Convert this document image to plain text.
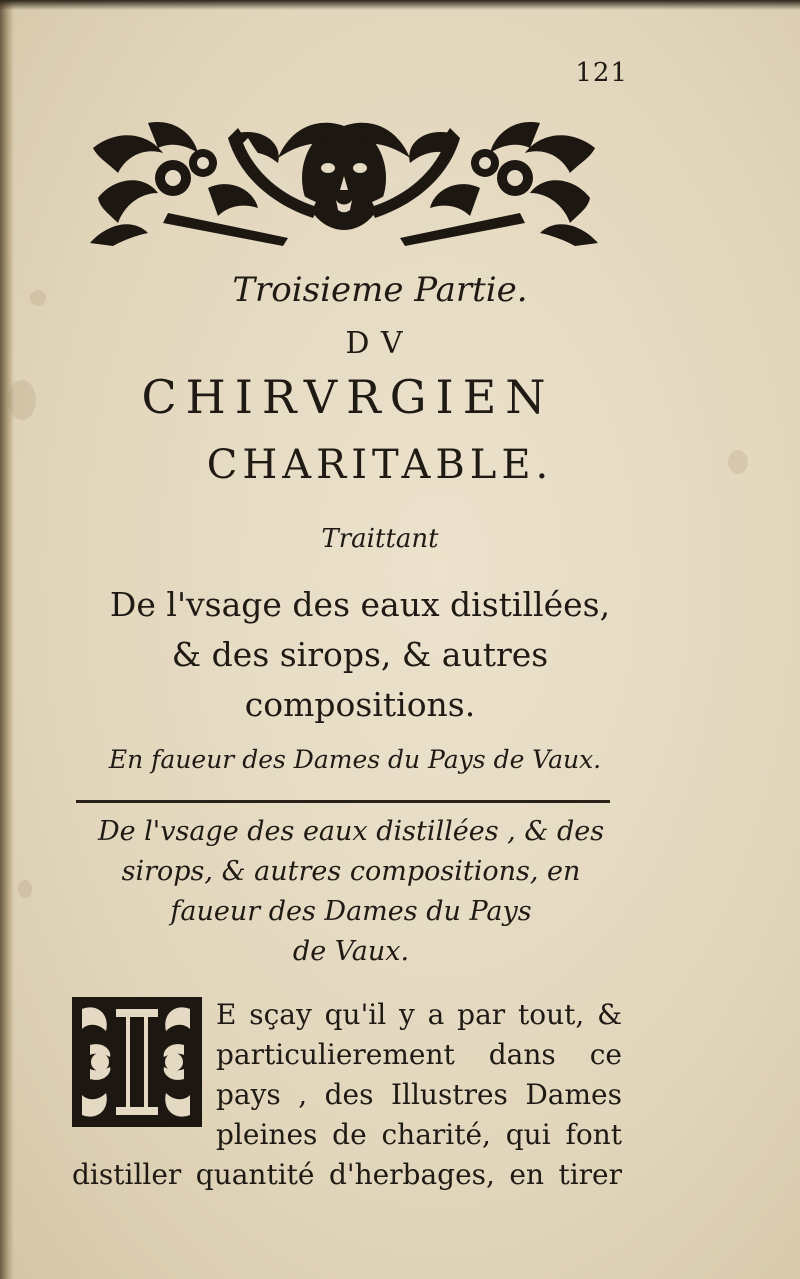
121
Troisieme Partie.
DV
CHIRVRGIEN
CHARITABLE.
Traittant
De l'vsage des eaux distillées, & des sirops, & autres compositions.
En faueur des Dames du Pays de Vaux.
De l'vsage des eaux distillées , & des
sirops, & autres compositions, en
faueur des Dames du Pays
de Vaux.
E sçay qu'il y a par tout, &
particulierement dans ce
pays , des Illustres Dames
pleines de charité, qui font
distiller quantité d'herbages, en tirer
